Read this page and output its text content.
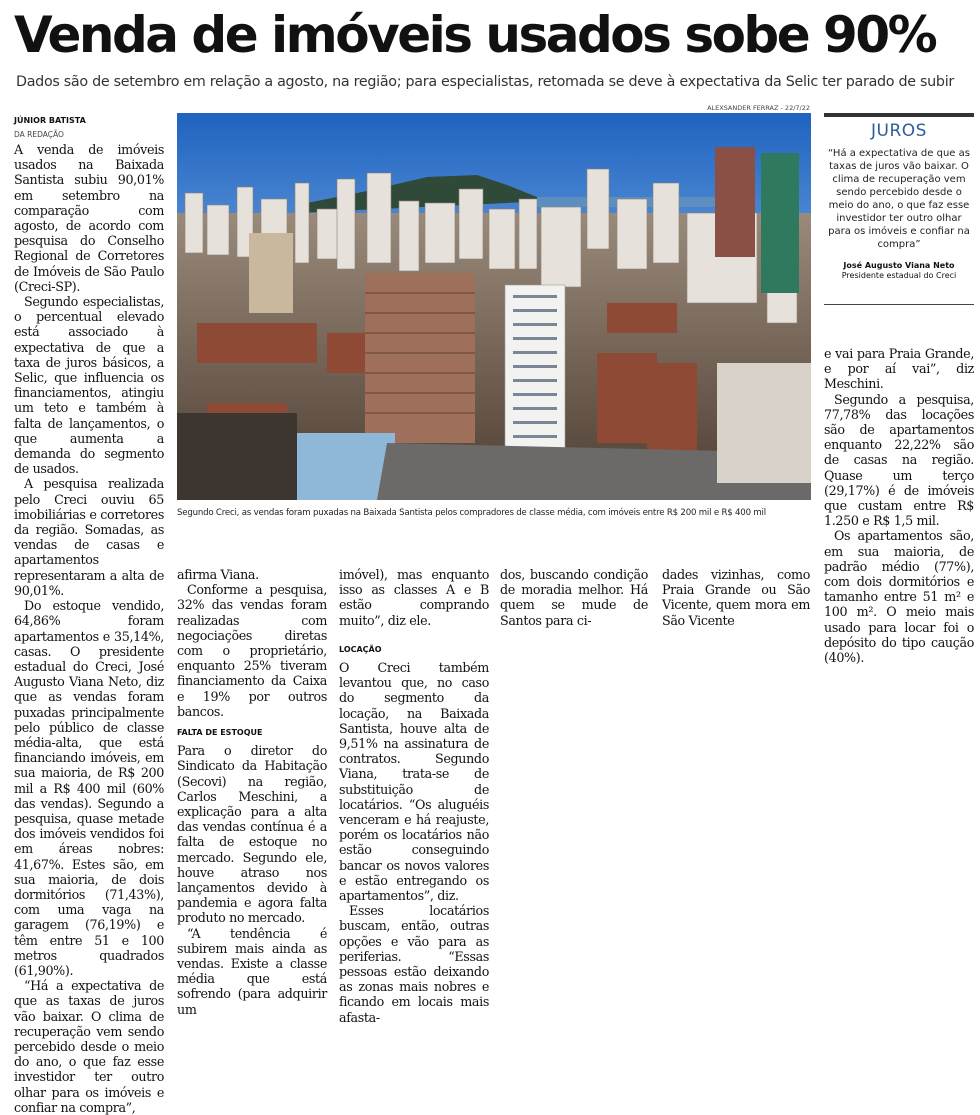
Venda de imóveis usados sobe 90%
Dados são de setembro em relação a agosto, na região; para especialistas, retomada se deve à expectativa da Selic ter parado de subir
JÚNIOR BATISTA
DA REDAÇÃO
ALEXSANDER FERRAZ - 22/7/22

A venda de imóveis usados na Baixada Santista subiu 90,01% em setembro na comparação com agosto, de acordo com pesquisa do Conselho Regional de Corretores de Imóveis de São Paulo (Creci-SP).

Segundo especialistas, o percentual elevado está associado à expectativa de que a taxa de juros básicos, a Selic, que influencia os financiamentos, atingiu um teto e também à falta de lançamentos, o que aumenta a demanda do segmento de usados.

A pesquisa realizada pelo Creci ouviu 65 imobiliárias e corretores da região. Somadas, as vendas de casas e apartamentos representaram a alta de 90,01%.

Do estoque vendido, 64,86% foram apartamentos e 35,14%, casas. O presidente estadual do Creci, José Augusto Viana Neto, diz que as vendas foram puxadas principalmente pelo público de classe média-alta, que está financiando imóveis, em sua maioria, de R$ 200 mil a R$ 400 mil (60% das vendas). Segundo a pesquisa, quase metade dos imóveis vendidos foi em áreas nobres: 41,67%. Estes são, em sua maioria, de dois dormitórios (71,43%), com uma vaga na garagem (76,19%) e têm entre 51 e 100 metros quadrados (61,90%).

“Há a expectativa de que as taxas de juros vão baixar. O clima de recuperação vem sendo percebido desde o meio do ano, o que faz esse investidor ter outro olhar para os imóveis e confiar na compra”,

Segundo Creci, as vendas foram puxadas na Baixada Santista pelos compradores de classe média, com imóveis entre R$ 200 mil e R$ 400 mil

afirma Viana.

Conforme a pesquisa, 32% das vendas foram realizadas com negociações diretas com o proprietário, enquanto 25% tiveram financiamento da Caixa e 19% por outros bancos.

FALTA DE ESTOQUE

Para o diretor do Sindicato da Habitação (Secovi) na região, Carlos Meschini, a explicação para a alta das vendas contínua é a falta de estoque no mercado. Segundo ele, houve atraso nos lançamentos devido à pandemia e agora falta produto no mercado.

“A tendência é subirem mais ainda as vendas. Existe a classe média que está sofrendo (para adquirir um

imóvel), mas enquanto isso as classes A e B estão comprando muito”, diz ele.

LOCAÇÃO

O Creci também levantou que, no caso do segmento da locação, na Baixada Santista, houve alta de 9,51% na assinatura de contratos. Segundo Viana, trata-se de substituição de locatários. “Os aluguéis venceram e há reajuste, porém os locatários não estão conseguindo bancar os novos valores e estão entregando os apartamentos”, diz.

Esses locatários buscam, então, outras opções e vão para as periferias. “Essas pessoas estão deixando as zonas mais nobres e ficando em locais mais afasta-

dos, buscando condição de moradia melhor. Há quem se mude de Santos para ci-

dades vizinhas, como Praia Grande ou São Vicente, quem mora em São Vicente

JUROS
“Há a expectativa de que as taxas de juros vão baixar. O clima de recuperação vem sendo percebido desde o meio do ano, o que faz esse investidor ter outro olhar para os imóveis e confiar na compra”
José Augusto Viana Neto
Presidente estadual do Creci

e vai para Praia Grande, e por aí vai”, diz Meschini.

Segundo a pesquisa, 77,78% das locações são de apartamentos enquanto 22,22% são de casas na região. Quase um terço (29,17%) é de imóveis que custam entre R$ 1.250 e R$ 1,5 mil.

Os apartamentos são, em sua maioria, de padrão médio (77%), com dois dormitórios e tamanho entre 51 m² e 100 m². O meio mais usado para locar foi o depósito do tipo caução (40%).
